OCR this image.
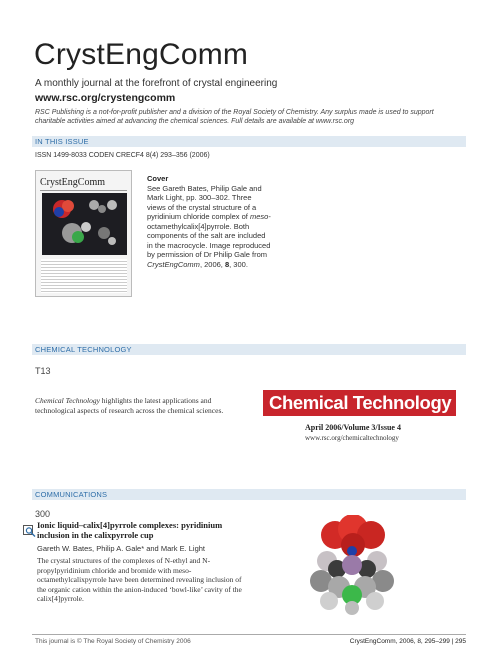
CrystEngComm
A monthly journal at the forefront of crystal engineering
www.rsc.org/crystengcomm
RSC Publishing is a not-for-profit publisher and a division of the Royal Society of Chemistry. Any surplus made is used to support charitable activities aimed at advancing the chemical sciences. Full details are available at www.rsc.org
IN THIS ISSUE
ISSN 1499-8033 CODEN CRECF4 8(4) 293–356 (2006)
CrystEngComm	Cover
See Gareth Bates, Philip Gale and Mark Light, pp. 300–302. Three views of the crystal structure of a pyridinium chloride complex of meso-octamethylcalix[4]pyrrole. Both components of the salt are included in the macrocycle. Image reproduced by permission of Dr Philip Gale from CrystEngComm, 2006, 8, 300.
CHEMICAL TECHNOLOGY
T13
Chemical Technology highlights the latest applications and technological aspects of research across the chemical sciences.	Chemical Technology
April 2006/Volume 3/Issue 4
www.rsc.org/chemicaltechnology
COMMUNICATIONS
300
Ionic liquid–calix[4]pyrrole complexes: pyridinium inclusion in the calixpyrrole cup
Gareth W. Bates, Philip A. Gale* and Mark E. Light
The crystal structures of the complexes of N-ethyl and N-propylpyridinium chloride and bromide with meso-octamethylcalixpyrrole have been determined revealing inclusion of the organic cation within the anion-induced ‘bowl-like’ cavity of the calix[4]pyrrole.
This journal is © The Royal Society of Chemistry 2006	CrystEngComm, 2006, 8, 295–299 | 295
